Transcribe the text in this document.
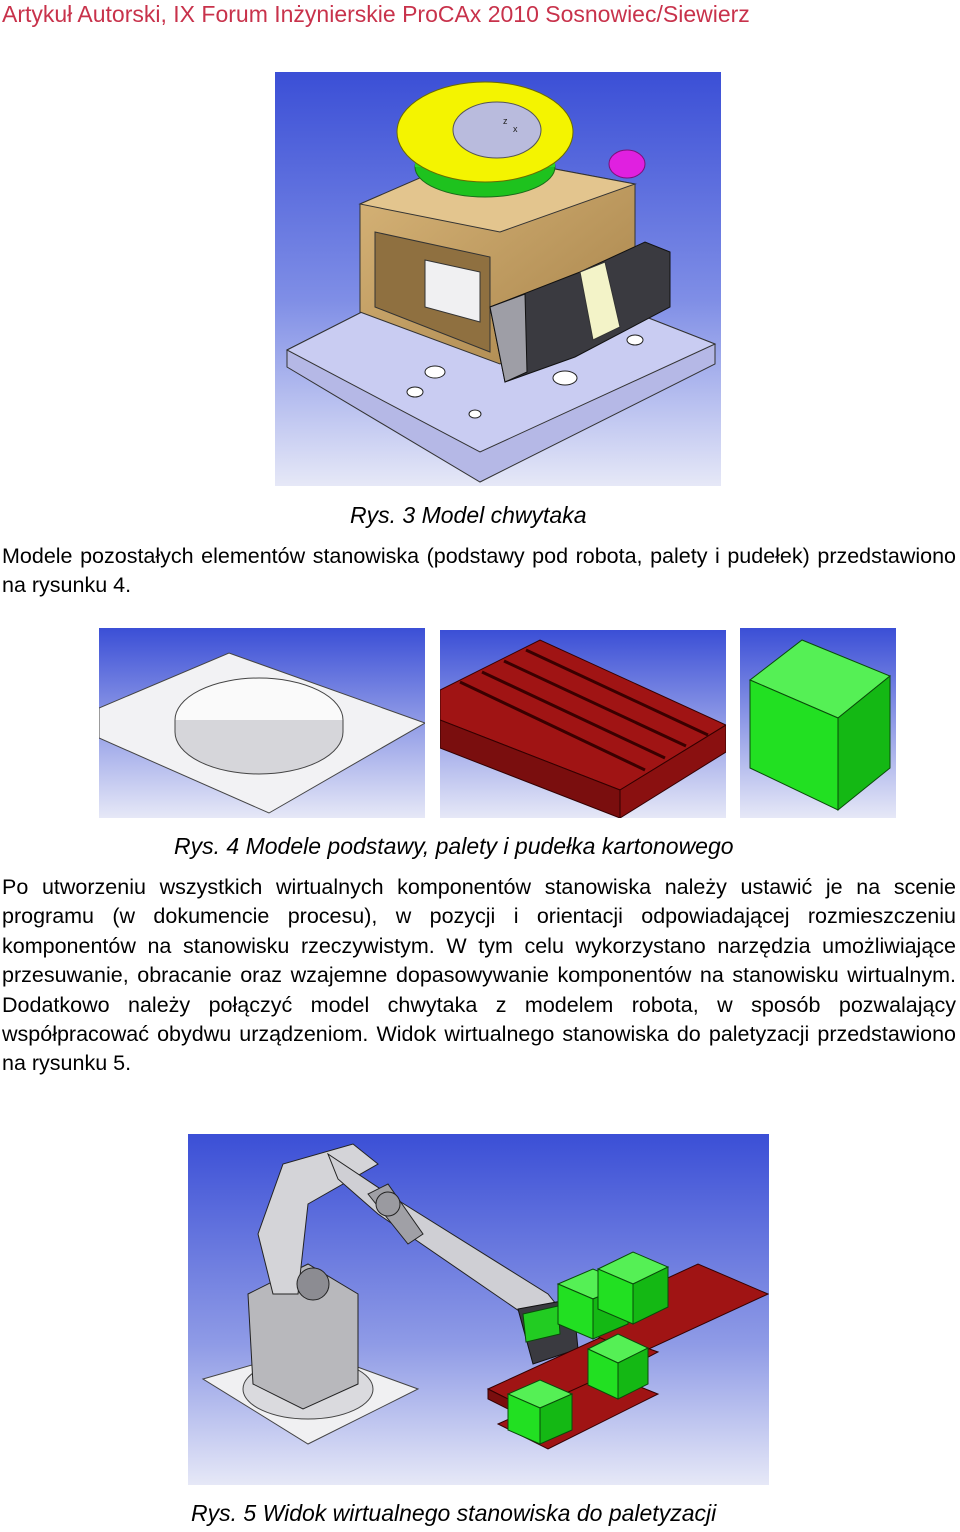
Artykuł Autorski, IX Forum Inżynierskie ProCAx 2010 Sosnowiec/Siewierz
z
x
Rys. 3 Model chwytaka
Modele pozostałych elementów stanowiska (podstawy pod robota, palety i pudełek) przedstawiono na rysunku 4.
Rys. 4 Modele podstawy, palety i pudełka kartonowego
Po utworzeniu wszystkich wirtualnych komponentów stanowiska należy ustawić je na scenie programu (w dokumencie procesu), w pozycji i orientacji odpowiadającej rozmieszczeniu komponentów na stanowisku rzeczywistym. W tym celu wykorzystano narzędzia umożliwiające przesuwanie, obracanie oraz wzajemne dopasowywanie komponentów na stanowisku wirtualnym. Dodatkowo należy połączyć model chwytaka z modelem robota, w sposób pozwalający współpracować obydwu urządzeniom. Widok wirtualnego stanowiska do paletyzacji przedstawiono na rysunku 5.
Rys. 5 Widok wirtualnego stanowiska do paletyzacji
